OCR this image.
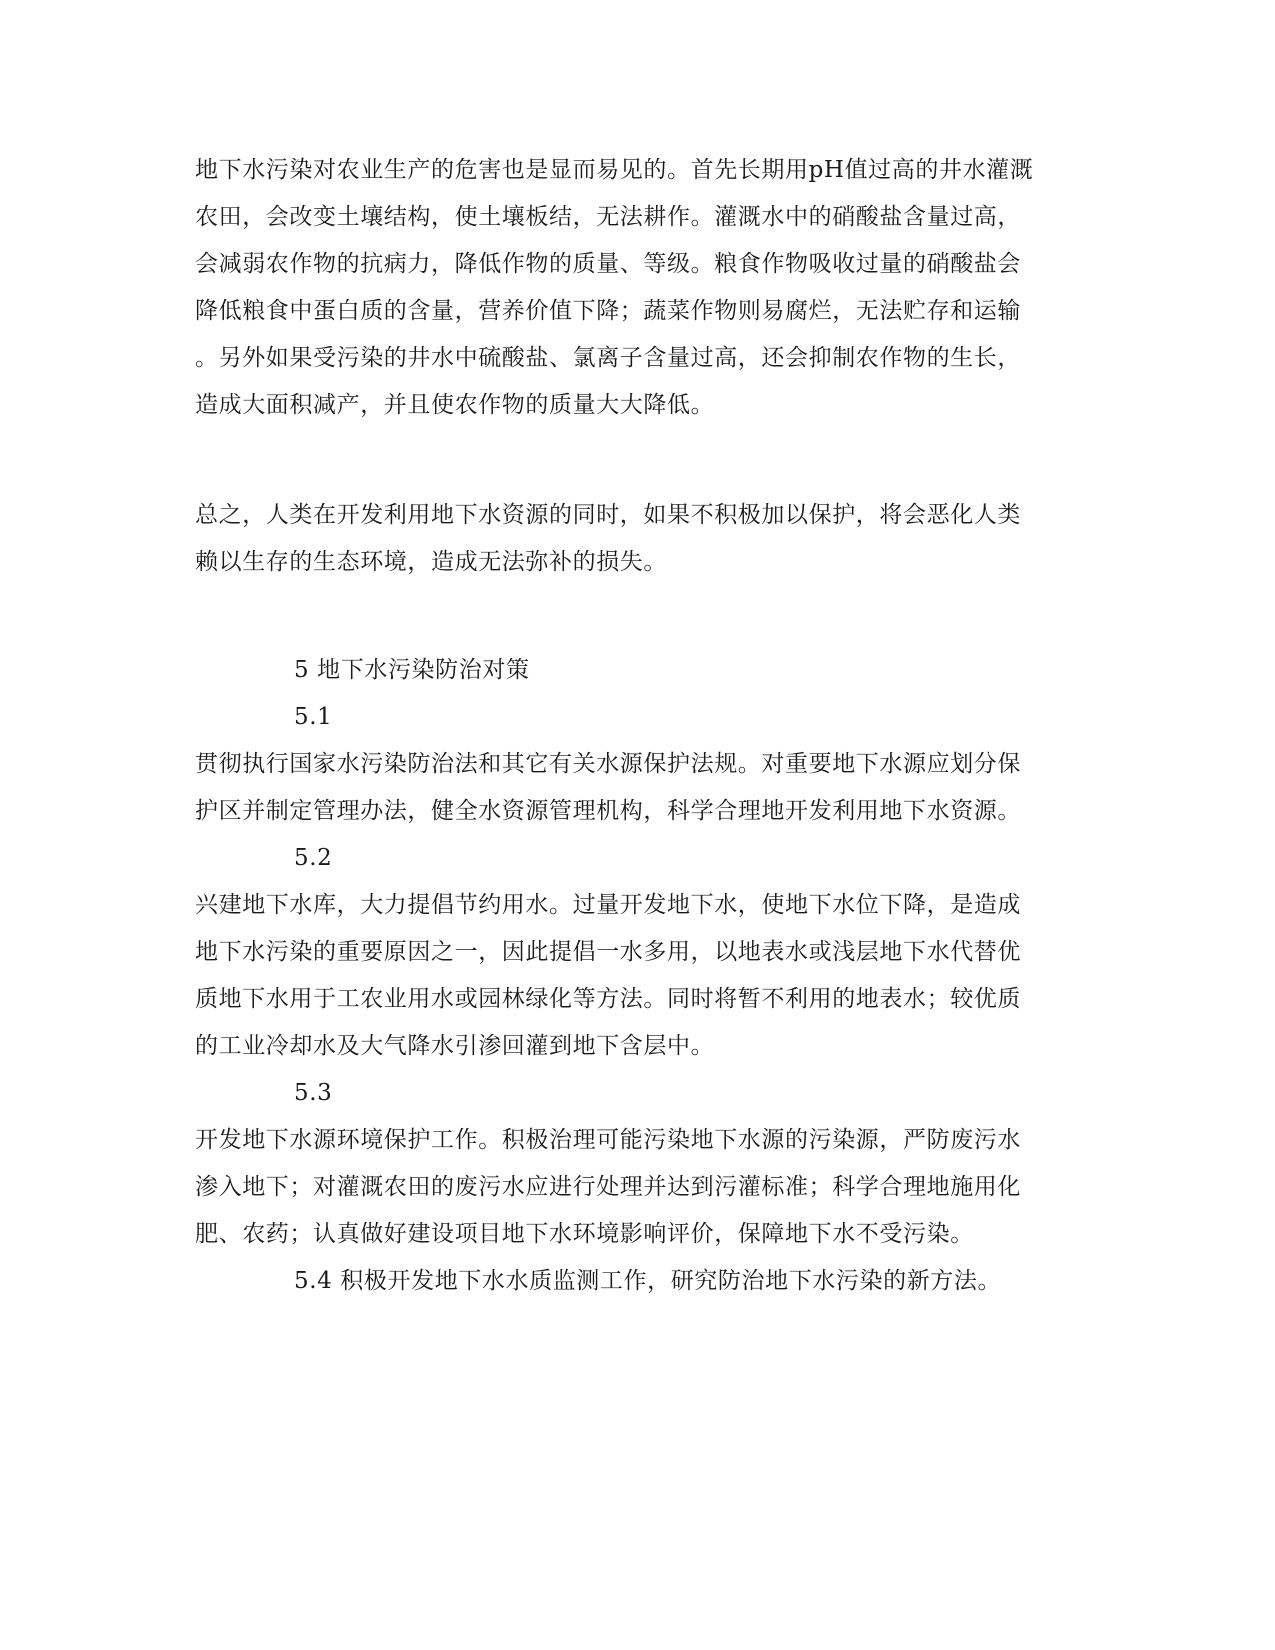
地下水污染对农业生产的危害也是显而易见的。首先长期用pH值过高的井水灌溉
农田，会改变土壤结构，使土壤板结，无法耕作。灌溉水中的硝酸盐含量过高，
会减弱农作物的抗病力，降低作物的质量、等级。粮食作物吸收过量的硝酸盐会
降低粮食中蛋白质的含量，营养价值下降；蔬菜作物则易腐烂，无法贮存和运输
。另外如果受污染的井水中硫酸盐、氯离子含量过高，还会抑制农作物的生长，
造成大面积减产，并且使农作物的质量大大降低。
总之，人类在开发利用地下水资源的同时，如果不积极加以保护，将会恶化人类
赖以生存的生态环境，造成无法弥补的损失。
5 地下水污染防治对策
5.1
贯彻执行国家水污染防治法和其它有关水源保护法规。对重要地下水源应划分保
护区并制定管理办法，健全水资源管理机构，科学合理地开发利用地下水资源。
5.2
兴建地下水库，大力提倡节约用水。过量开发地下水，使地下水位下降，是造成
地下水污染的重要原因之一，因此提倡一水多用，以地表水或浅层地下水代替优
质地下水用于工农业用水或园林绿化等方法。同时将暂不利用的地表水；较优质
的工业冷却水及大气降水引渗回灌到地下含层中。
5.3
开发地下水源环境保护工作。积极治理可能污染地下水源的污染源，严防废污水
渗入地下；对灌溉农田的废污水应进行处理并达到污灌标准；科学合理地施用化
肥、农药；认真做好建设项目地下水环境影响评价，保障地下水不受污染。
5.4 积极开发地下水水质监测工作，研究防治地下水污染的新方法。
